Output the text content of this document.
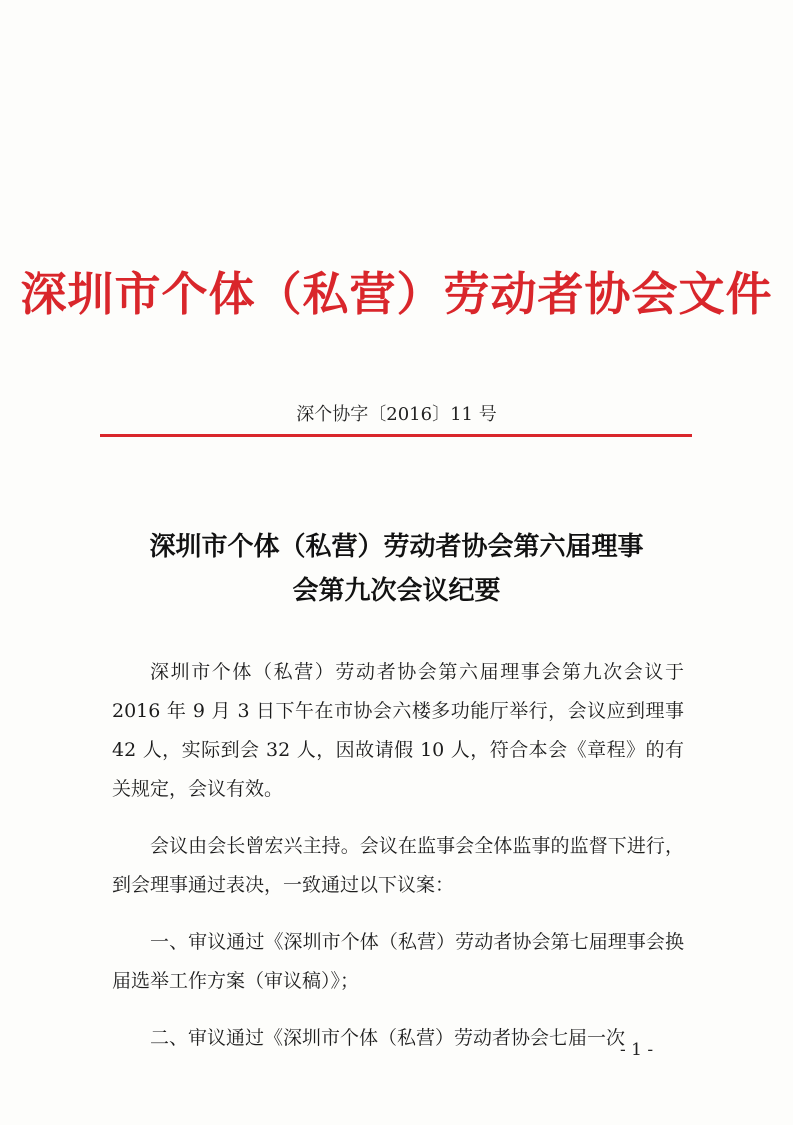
深圳市个体（私营）劳动者协会文件
深个协字〔2016〕11 号
深圳市个体（私营）劳动者协会第六届理事
会第九次会议纪要

深圳市个体（私营）劳动者协会第六届理事会第九次会议于 2016 年 9 月 3 日下午在市协会六楼多功能厅举行，会议应到理事 42 人，实际到会 32 人，因故请假 10 人，符合本会《章程》的有关规定，会议有效。

会议由会长曾宏兴主持。会议在监事会全体监事的监督下进行，到会理事通过表决，一致通过以下议案：

一、审议通过《深圳市个体（私营）劳动者协会第七届理事会换届选举工作方案（审议稿）》；

二、审议通过《深圳市个体（私营）劳动者协会七届一次

- 1 -
